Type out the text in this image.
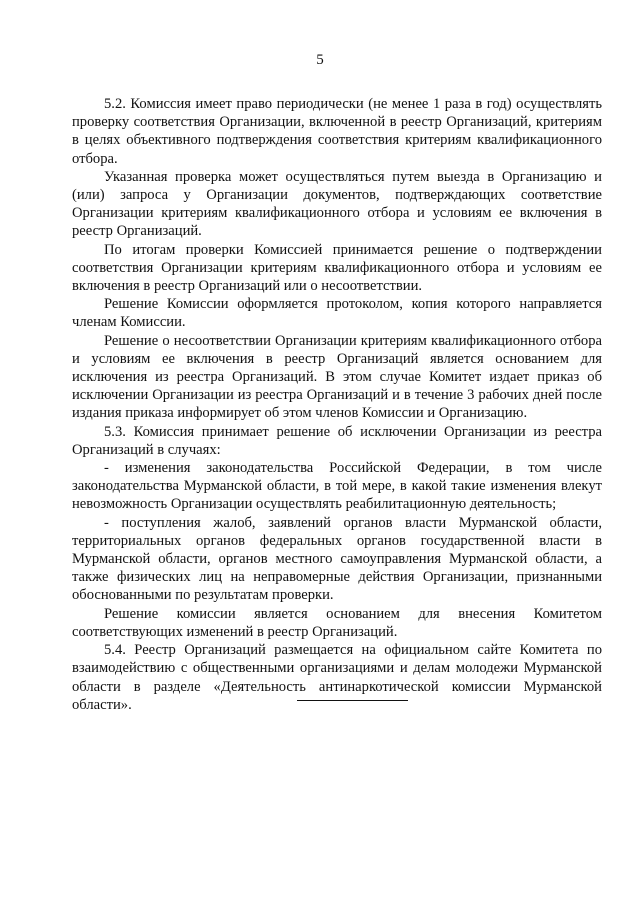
5

5.2. Комиссия имеет право периодически (не менее 1 раза в год) осуществлять проверку соответствия Организации, включенной в реестр Организаций, критериям в целях объективного подтверждения соответствия критериям квалификационного отбора.

Указанная проверка может осуществляться путем выезда в Организацию и (или) запроса у Организации документов, подтверждающих соответствие Организации критериям квалификационного отбора и условиям ее включения в реестр Организаций.

По итогам проверки Комиссией принимается решение о подтверждении соответствия Организации критериям квалификационного отбора и условиям ее включения в реестр Организаций или о несоответствии.

Решение Комиссии оформляется протоколом, копия которого направляется членам Комиссии.

Решение о несоответствии Организации критериям квалификационного отбора и условиям ее включения в реестр Организаций является основанием для исключения из реестра Организаций. В этом случае Комитет издает приказ об исключении Организации из реестра Организаций и в течение 3 рабочих дней после издания приказа информирует об этом членов Комиссии и Организацию.

5.3. Комиссия принимает решение об исключении Организации из реестра Организаций в случаях:

- изменения законодательства Российской Федерации, в том числе законодательства Мурманской области, в той мере, в какой такие изменения влекут невозможность Организации осуществлять реабилитационную деятельность;

- поступления жалоб, заявлений органов власти Мурманской области, территориальных органов федеральных органов государственной власти в Мурманской области, органов местного самоуправления Мурманской области, а также физических лиц на неправомерные действия Организации, признанными обоснованными по результатам проверки.

Решение комиссии является основанием для внесения Комитетом соответствующих изменений в реестр Организаций.

5.4. Реестр Организаций размещается на официальном сайте Комитета по взаимодействию с общественными организациями и делам молодежи Мурманской области в разделе «Деятельность антинаркотической комиссии Мурманской области».
